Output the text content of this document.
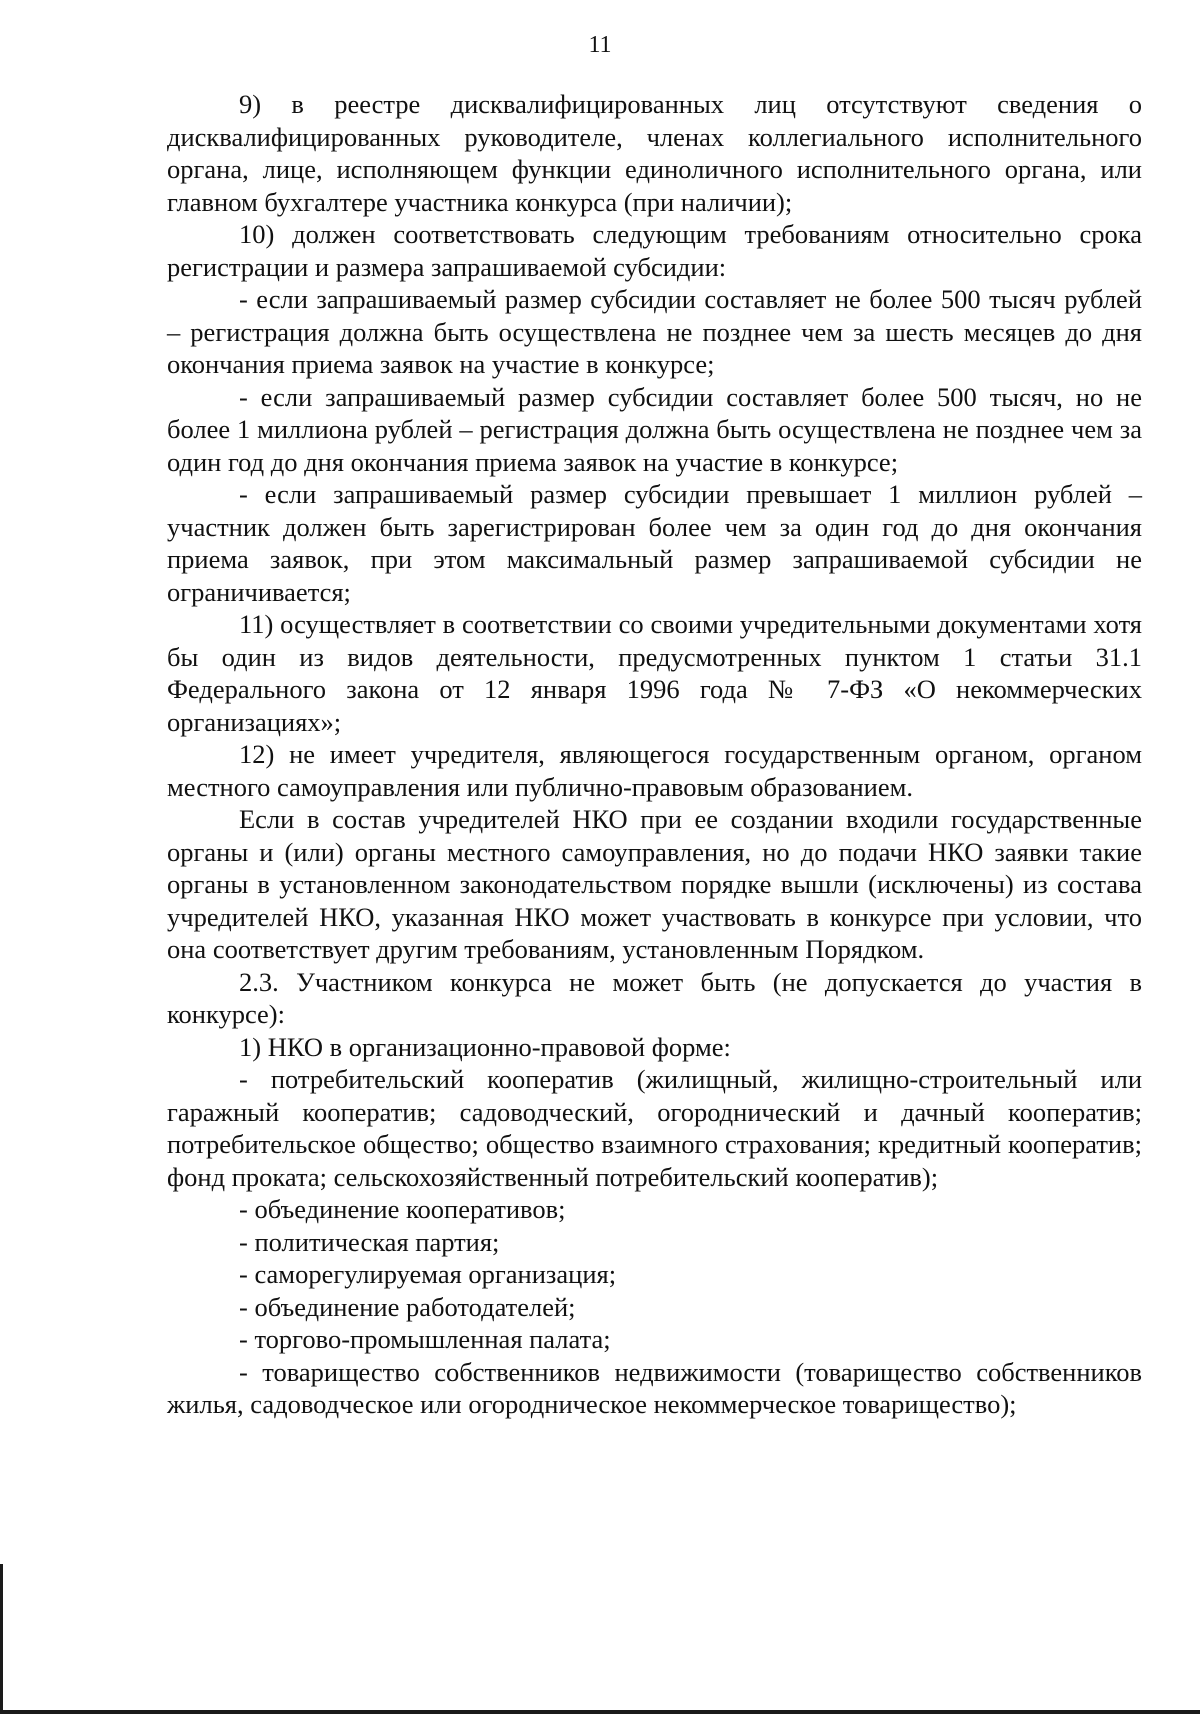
11

9) в реестре дисквалифицированных лиц отсутствуют сведения о дисквалифицированных руководителе, членах коллегиального исполнительного органа, лице, исполняющем функции единоличного исполнительного органа, или главном бухгалтере участника конкурса (при наличии);

10) должен соответствовать следующим требованиям относительно срока регистрации и размера запрашиваемой субсидии:

- если запрашиваемый размер субсидии составляет не более 500 тысяч рублей – регистрация должна быть осуществлена не позднее чем за шесть месяцев до дня окончания приема заявок на участие в конкурсе;

- если запрашиваемый размер субсидии составляет более 500 тысяч, но не более 1 миллиона рублей – регистрация должна быть осуществлена не позднее чем за один год до дня окончания приема заявок на участие в конкурсе;

- если запрашиваемый размер субсидии превышает 1 миллион рублей – участник должен быть зарегистрирован более чем за один год до дня окончания приема заявок, при этом максимальный размер запрашиваемой субсидии не ограничивается;

11) осуществляет в соответствии со своими учредительными документами хотя бы один из видов деятельности, предусмотренных пунктом 1 статьи 31.1 Федерального закона от 12 января 1996 года № 7-ФЗ «О некоммерческих организациях»;

12) не имеет учредителя, являющегося государственным органом, органом местного самоуправления или публично-правовым образованием.

Если в состав учредителей НКО при ее создании входили государственные органы и (или) органы местного самоуправления, но до подачи НКО заявки такие органы в установленном законодательством порядке вышли (исключены) из состава учредителей НКО, указанная НКО может участвовать в конкурсе при условии, что она соответствует другим требованиям, установленным Порядком.

2.3. Участником конкурса не может быть (не допускается до участия в конкурсе):

1) НКО в организационно-правовой форме:

- потребительский кооператив (жилищный, жилищно-строительный или гаражный кооператив; садоводческий, огороднический и дачный кооператив; потребительское общество; общество взаимного страхования; кредитный кооператив; фонд проката; сельскохозяйственный потребительский кооператив);

- объединение кооперативов;

- политическая партия;

- саморегулируемая организация;

- объединение работодателей;

- торгово-промышленная палата;

- товарищество собственников недвижимости (товарищество собственников жилья, садоводческое или огородническое некоммерческое товарищество);
